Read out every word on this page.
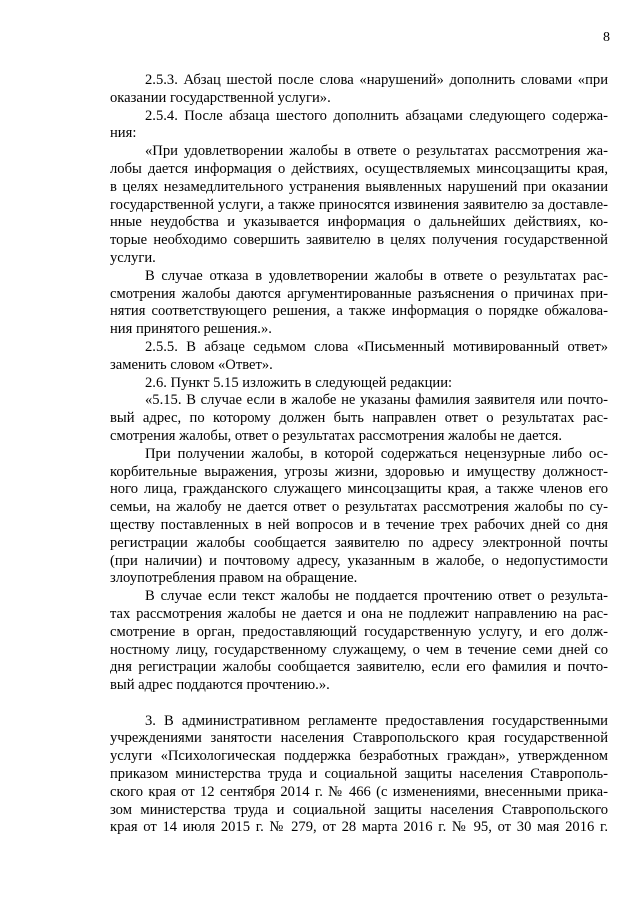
8
2.5.3. Абзац шестой после слова «нарушений» дополнить словами «при
оказании государственной услуги».
2.5.4. После абзаца шестого дополнить абзацами следующего содержа-
ния:
«При удовлетворении жалобы в ответе о результатах рассмотрения жа-
лобы дается информация о действиях, осуществляемых минсоцзащиты края,
в целях незамедлительного устранения выявленных нарушений при оказании
государственной услуги, а также приносятся извинения заявителю за доставле-
нные неудобства и указывается информация о дальнейших действиях, ко-
торые необходимо совершить заявителю в целях получения государственной
услуги.
В случае отказа в удовлетворении жалобы в ответе о результатах рас-
смотрения жалобы даются аргументированные разъяснения о причинах при-
нятия соответствующего решения, а также информация о порядке обжалова-
ния принятого решения.».
2.5.5. В абзаце седьмом слова «Письменный мотивированный ответ»
заменить словом «Ответ».
2.6. Пункт 5.15 изложить в следующей редакции:
«5.15. В случае если в жалобе не указаны фамилия заявителя или почто-
вый адрес, по которому должен быть направлен ответ о результатах рас-
смотрения жалобы, ответ о результатах рассмотрения жалобы не дается.
При получении жалобы, в которой содержаться нецензурные либо ос-
корбительные выражения, угрозы жизни, здоровью и имуществу должност-
ного лица, гражданского служащего минсоцзащиты края, а также членов его
семьи, на жалобу не дается ответ о результатах рассмотрения жалобы по су-
ществу поставленных в ней вопросов и в течение трех рабочих дней со дня
регистрации жалобы сообщается заявителю по адресу электронной почты
(при наличии) и почтовому адресу, указанным в жалобе, о недопустимости
злоупотребления правом на обращение.
В случае если текст жалобы не поддается прочтению ответ о результа-
тах рассмотрения жалобы не дается и она не подлежит направлению на рас-
смотрение в орган, предоставляющий государственную услугу, и его долж-
ностному лицу, государственному служащему, о чем в течение семи дней со
дня регистрации жалобы сообщается заявителю, если его фамилия и почто-
вый адрес поддаются прочтению.».
3. В административном регламенте предоставления государственными
учреждениями занятости населения Ставропольского края государственной
услуги «Психологическая поддержка безработных граждан», утвержденном
приказом министерства труда и социальной защиты населения Ставрополь-
ского края от 12 сентября 2014 г. № 466 (с изменениями, внесенными прика-
зом министерства труда и социальной защиты населения Ставропольского
края от 14 июля 2015 г. № 279, от 28 марта 2016 г. № 95, от 30 мая 2016 г.
